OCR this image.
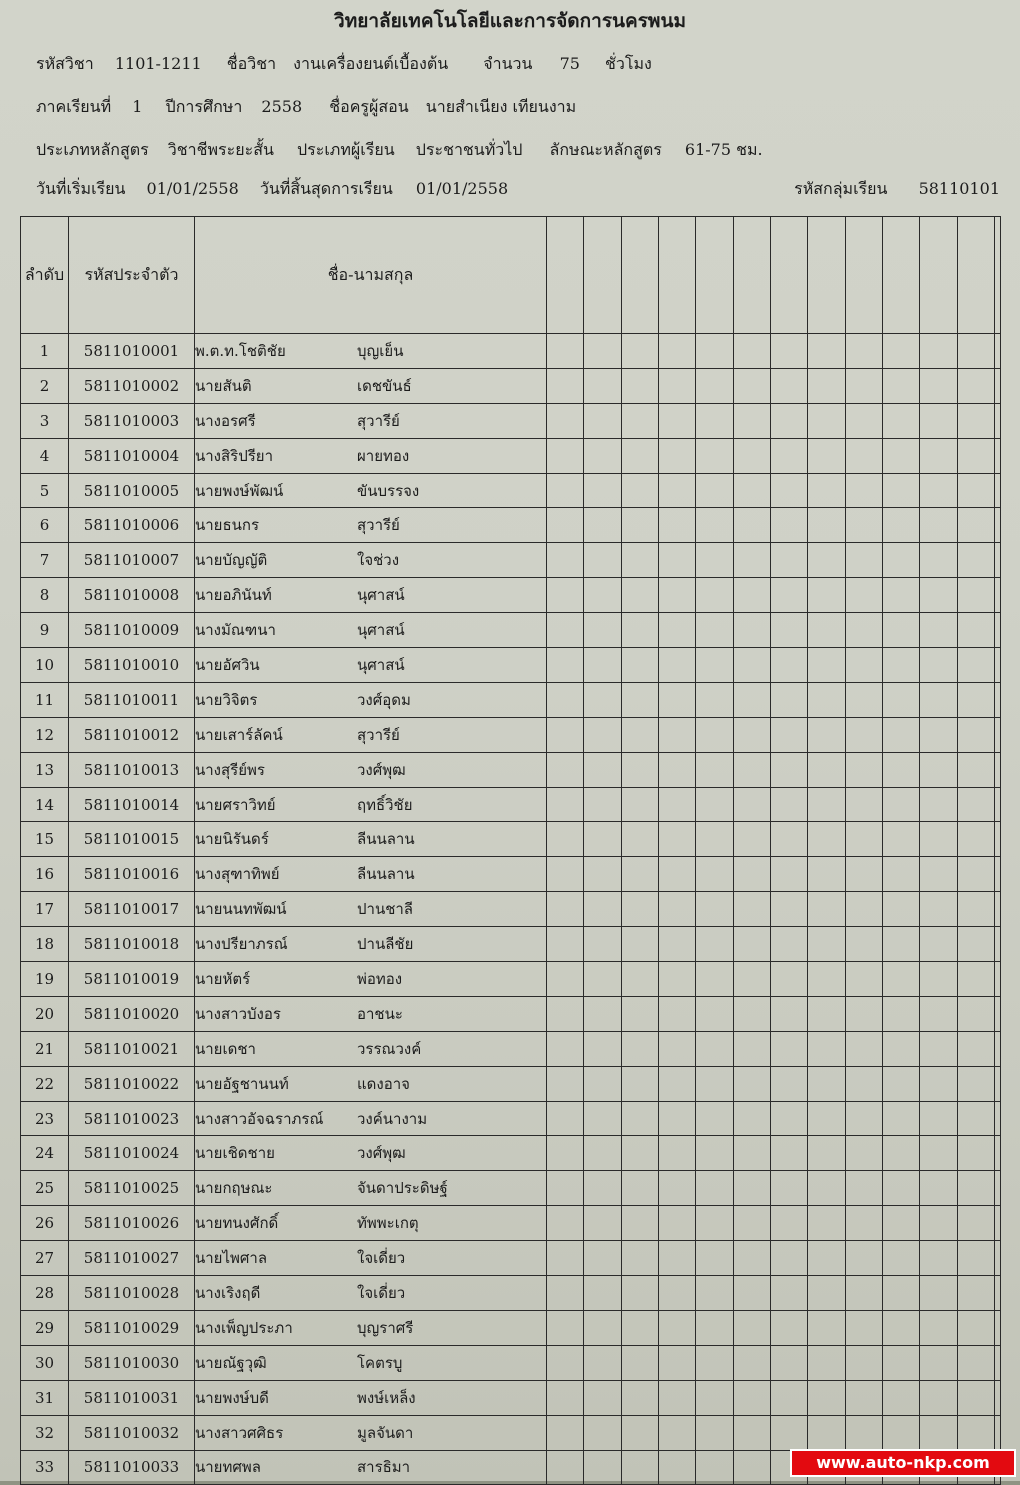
วิทยาลัยเทคโนโลยีและการจัดการนครพนม
รหัสวิชา 1101-1211 ชื่อวิชา งานเครื่องยนต์เบื้องต้น จำนวน 75 ชั่วโมง
ภาคเรียนที่ 1 ปีการศึกษา 2558 ชื่อครูผู้สอน นายสำเนียง เทียนงาม
ประเภทหลักสูตร วิชาชีพระยะสั้น ประเภทผู้เรียน ประชาชนทั่วไป ลักษณะหลักสูตร 61-75 ชม.
วันที่เริ่มเรียน 01/01/2558 วันที่สิ้นสุดการเรียน 01/01/2558	รหัสกลุ่มเรียน 58110101
ลำดับ	รหัสประจำตัว	ชื่อ-นามสกุล													
1	5811010001	พ.ต.ท.โชติชัย บุญเย็น													
2	5811010002	นายสันติ เดชขันธ์													
3	5811010003	นางอรศรี สุวารีย์													
4	5811010004	นางสิริปรียา ผายทอง													
5	5811010005	นายพงษ์พัฒน์ ขันบรรจง													
6	5811010006	นายธนกร สุวารีย์													
7	5811010007	นายบัญญัติ ใจช่วง													
8	5811010008	นายอภินันท์ นุศาสน์													
9	5811010009	นางมัณฑนา นุศาสน์													
10	5811010010	นายอัศวิน นุศาสน์													
11	5811010011	นายวิจิตร วงศ์อุดม													
12	5811010012	นายเสาร์ลัคน์ สุวารีย์													
13	5811010013	นางสุรีย์พร วงศ์พุฒ													
14	5811010014	นายศราวิทย์ ฤทธิ์วิชัย													
15	5811010015	นายนิรันดร์ ลีนนลาน													
16	5811010016	นางสุฑาทิพย์ ลีนนลาน													
17	5811010017	นายนนทพัฒน์ ปานชาลี													
18	5811010018	นางปรียาภรณ์ ปานลีชัย													
19	5811010019	นายหัตร์ พ่อทอง													
20	5811010020	นางสาวบังอร อาชนะ													
21	5811010021	นายเดชา วรรณวงค์													
22	5811010022	นายอัฐชานนท์ แดงอาจ													
23	5811010023	นางสาวอัจฉราภรณ์ วงค์นางาม													
24	5811010024	นายเชิดชาย วงศ์พุฒ													
25	5811010025	นายกฤษณะ จันดาประดิษฐ์													
26	5811010026	นายทนงศักดิ์ ทัพพะเกตุ													
27	5811010027	นายไพศาล ใจเดี่ยว													
28	5811010028	นางเริงฤดี ใจเดี่ยว													
29	5811010029	นางเพ็ญประภา บุญราศรี													
30	5811010030	นายณัฐวุฒิ โคตรบู													
31	5811010031	นายพงษ์บดี พงษ์เหล็ง													
32	5811010032	นางสาวศศิธร มูลจันดา													
33	5811010033	นายทศพล สารธิมา														www.auto-nkp.com
